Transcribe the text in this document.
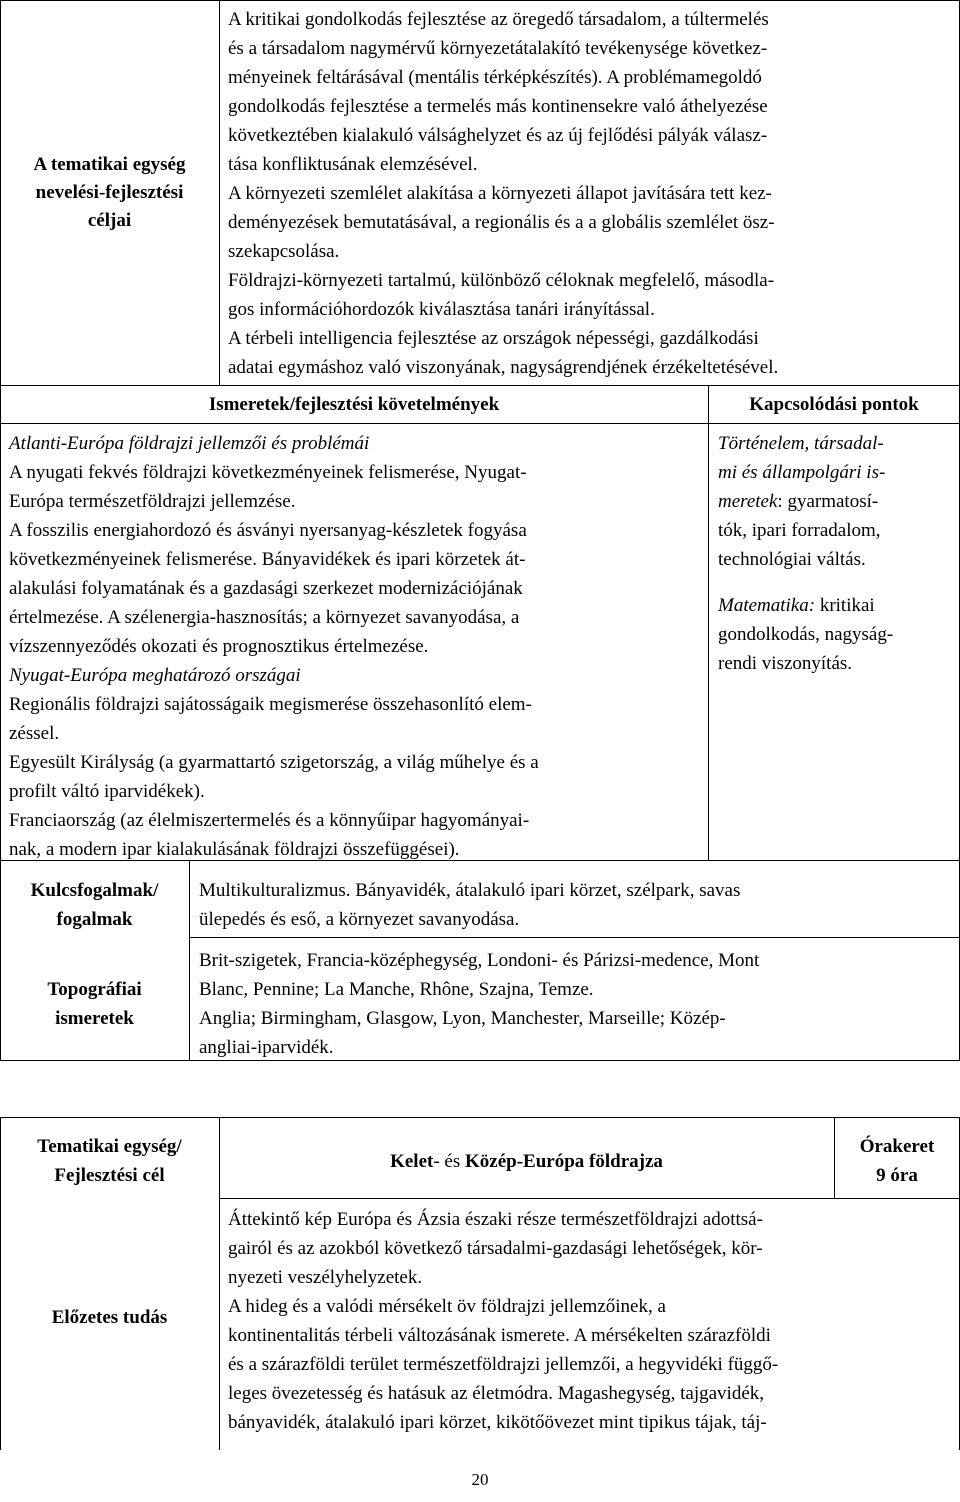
A tematikai egység
nevelési-fejlesztési
céljai

A kritikai gondolkodás fejlesztése az öregedő társadalom, a túltermelés

és a társadalom nagymérvű környezetátalakító tevékenysége következ-

ményeinek feltárásával (mentális térképkészítés). A problémamegoldó

gondolkodás fejlesztése a termelés más kontinensekre való áthelyezése

következtében kialakuló válsághelyzet és az új fejlődési pályák válasz-

tása konfliktusának elemzésével.

A környezeti szemlélet alakítása a környezeti állapot javítására tett kez-

deményezések bemutatásával, a regionális és a a globális szemlélet ösz-

szekapcsolása.

Földrajzi-környezeti tartalmú, különböző céloknak megfelelő, másodla-

gos információhordozók kiválasztása tanári irányítással.

A térbeli intelligencia fejlesztése az országok népességi, gazdálkodási

adatai egymáshoz való viszonyának, nagyságrendjének érzékeltetésével.

Ismeretek/fejlesztési követelmények	Kapcsolódási pontok

Atlanti-Európa földrajzi jellemzői és problémái

A nyugati fekvés földrajzi következményeinek felismerése, Nyugat-

Európa természetföldrajzi jellemzése.

A fosszilis energiahordozó és ásványi nyersanyag-készletek fogyása

következményeinek felismerése. Bányavidékek és ipari körzetek át-

alakulási folyamatának és a gazdasági szerkezet modernizációjának

értelmezése. A szélenergia-hasznosítás; a környezet savanyodása, a

vízszennyeződés okozati és prognosztikus értelmezése.

Nyugat-Európa meghatározó országai

Regionális földrajzi sajátosságaik megismerése összehasonlító elem-

zéssel.

Egyesült Királyság (a gyarmattartó szigetország, a világ műhelye és a

profilt váltó iparvidékek).

Franciaország (az élelmiszertermelés és a könnyűipar hagyományai-

nak, a modern ipar kialakulásának földrajzi összefüggései).

Történelem, társadal-

mi és állampolgári is-

meretek: gyarmatosí-

tók, ipari forradalom,

technológiai váltás.

Matematika: kritikai

gondolkodás, nagyság-

rendi viszonyítás.

Kulcsfogalmak/
fogalmak
Topográfiai
ismeretek

Multikulturalizmus. Bányavidék, átalakuló ipari körzet, szélpark, savas

ülepedés és eső, a környezet savanyodása.

Brit-szigetek, Francia-középhegység, Londoni- és Párizsi-medence, Mont

Blanc, Pennine; La Manche, Rhône, Szajna, Temze.

Anglia; Birmingham, Glasgow, Lyon, Manchester, Marseille; Közép-

angliai-iparvidék.

Tematikai egység/
Fejlesztési cél
Kelet- és Közép-Európa földrajza
Órakeret
9 óra
Előzetes tudás

Áttekintő kép Európa és Ázsia északi része természetföldrajzi adottsá-

gairól és az azokból következő társadalmi-gazdasági lehetőségek, kör-

nyezeti veszélyhelyzetek.

A hideg és a valódi mérsékelt öv földrajzi jellemzőinek, a

kontinentalitás térbeli változásának ismerete. A mérsékelten szárazföldi

és a szárazföldi terület természetföldrajzi jellemzői, a hegyvidéki függő-

leges övezetesség és hatásuk az életmódra. Magashegység, tajgavidék,

bányavidék, átalakuló ipari körzet, kikötőövezet mint tipikus tájak, táj-

20
